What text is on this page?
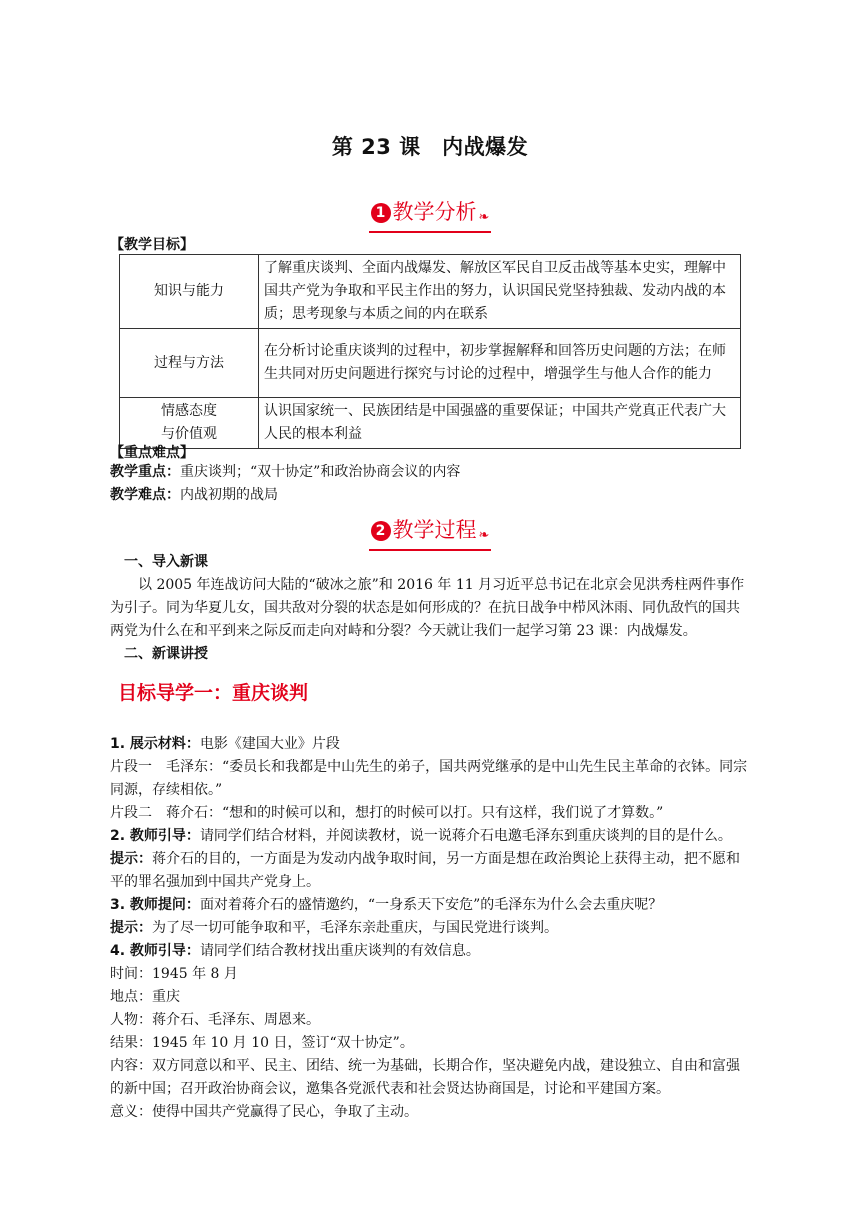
第 23 课　内战爆发
1 教学分析 ❧
【教学目标】
知识与能力	了解重庆谈判、全面内战爆发、解放区军民自卫反击战等基本史实，理解中国共产党为争取和平民主作出的努力，认识国民党坚持独裁、发动内战的本质；思考现象与本质之间的内在联系
过程与方法	在分析讨论重庆谈判的过程中，初步掌握解释和回答历史问题的方法；在师生共同对历史问题进行探究与讨论的过程中，增强学生与他人合作的能力

情感态度
与价值观	认识国家统一、民族团结是中国强盛的重要保证；中国共产党真正代表广大人民的根本利益
【重点难点】
教学重点：重庆谈判；“双十协定”和政治协商会议的内容
教学难点：内战初期的战局
2 教学过程 ❧
一、导入新课
以 2005 年连战访问大陆的“破冰之旅”和 2016 年 11 月习近平总书记在北京会见洪秀柱两件事作为引子。同为华夏儿女，国共敌对分裂的状态是如何形成的？在抗日战争中栉风沐雨、同仇敌忾的国共两党为什么在和平到来之际反而走向对峙和分裂？今天就让我们一起学习第 23 课：内战爆发。
二、新课讲授
目标导学一：重庆谈判
1. 展示材料：电影《建国大业》片段
片段一　毛泽东：“委员长和我都是中山先生的弟子，国共两党继承的是中山先生民主革命的衣钵。同宗同源，存续相依。”
片段二　蒋介石：“想和的时候可以和，想打的时候可以打。只有这样，我们说了才算数。”
2. 教师引导：请同学们结合材料，并阅读教材，说一说蒋介石电邀毛泽东到重庆谈判的目的是什么。
提示：蒋介石的目的，一方面是为发动内战争取时间，另一方面是想在政治舆论上获得主动，把不愿和平的罪名强加到中国共产党身上。
3. 教师提问：面对着蒋介石的盛情邀约，“一身系天下安危”的毛泽东为什么会去重庆呢？
提示：为了尽一切可能争取和平，毛泽东亲赴重庆，与国民党进行谈判。
4. 教师引导：请同学们结合教材找出重庆谈判的有效信息。
时间：1945 年 8 月
地点：重庆
人物：蒋介石、毛泽东、周恩来。
结果：1945 年 10 月 10 日，签订“双十协定”。
内容：双方同意以和平、民主、团结、统一为基础，长期合作，坚决避免内战，建设独立、自由和富强的新中国；召开政治协商会议，邀集各党派代表和社会贤达协商国是，讨论和平建国方案。
意义：使得中国共产党赢得了民心，争取了主动。
